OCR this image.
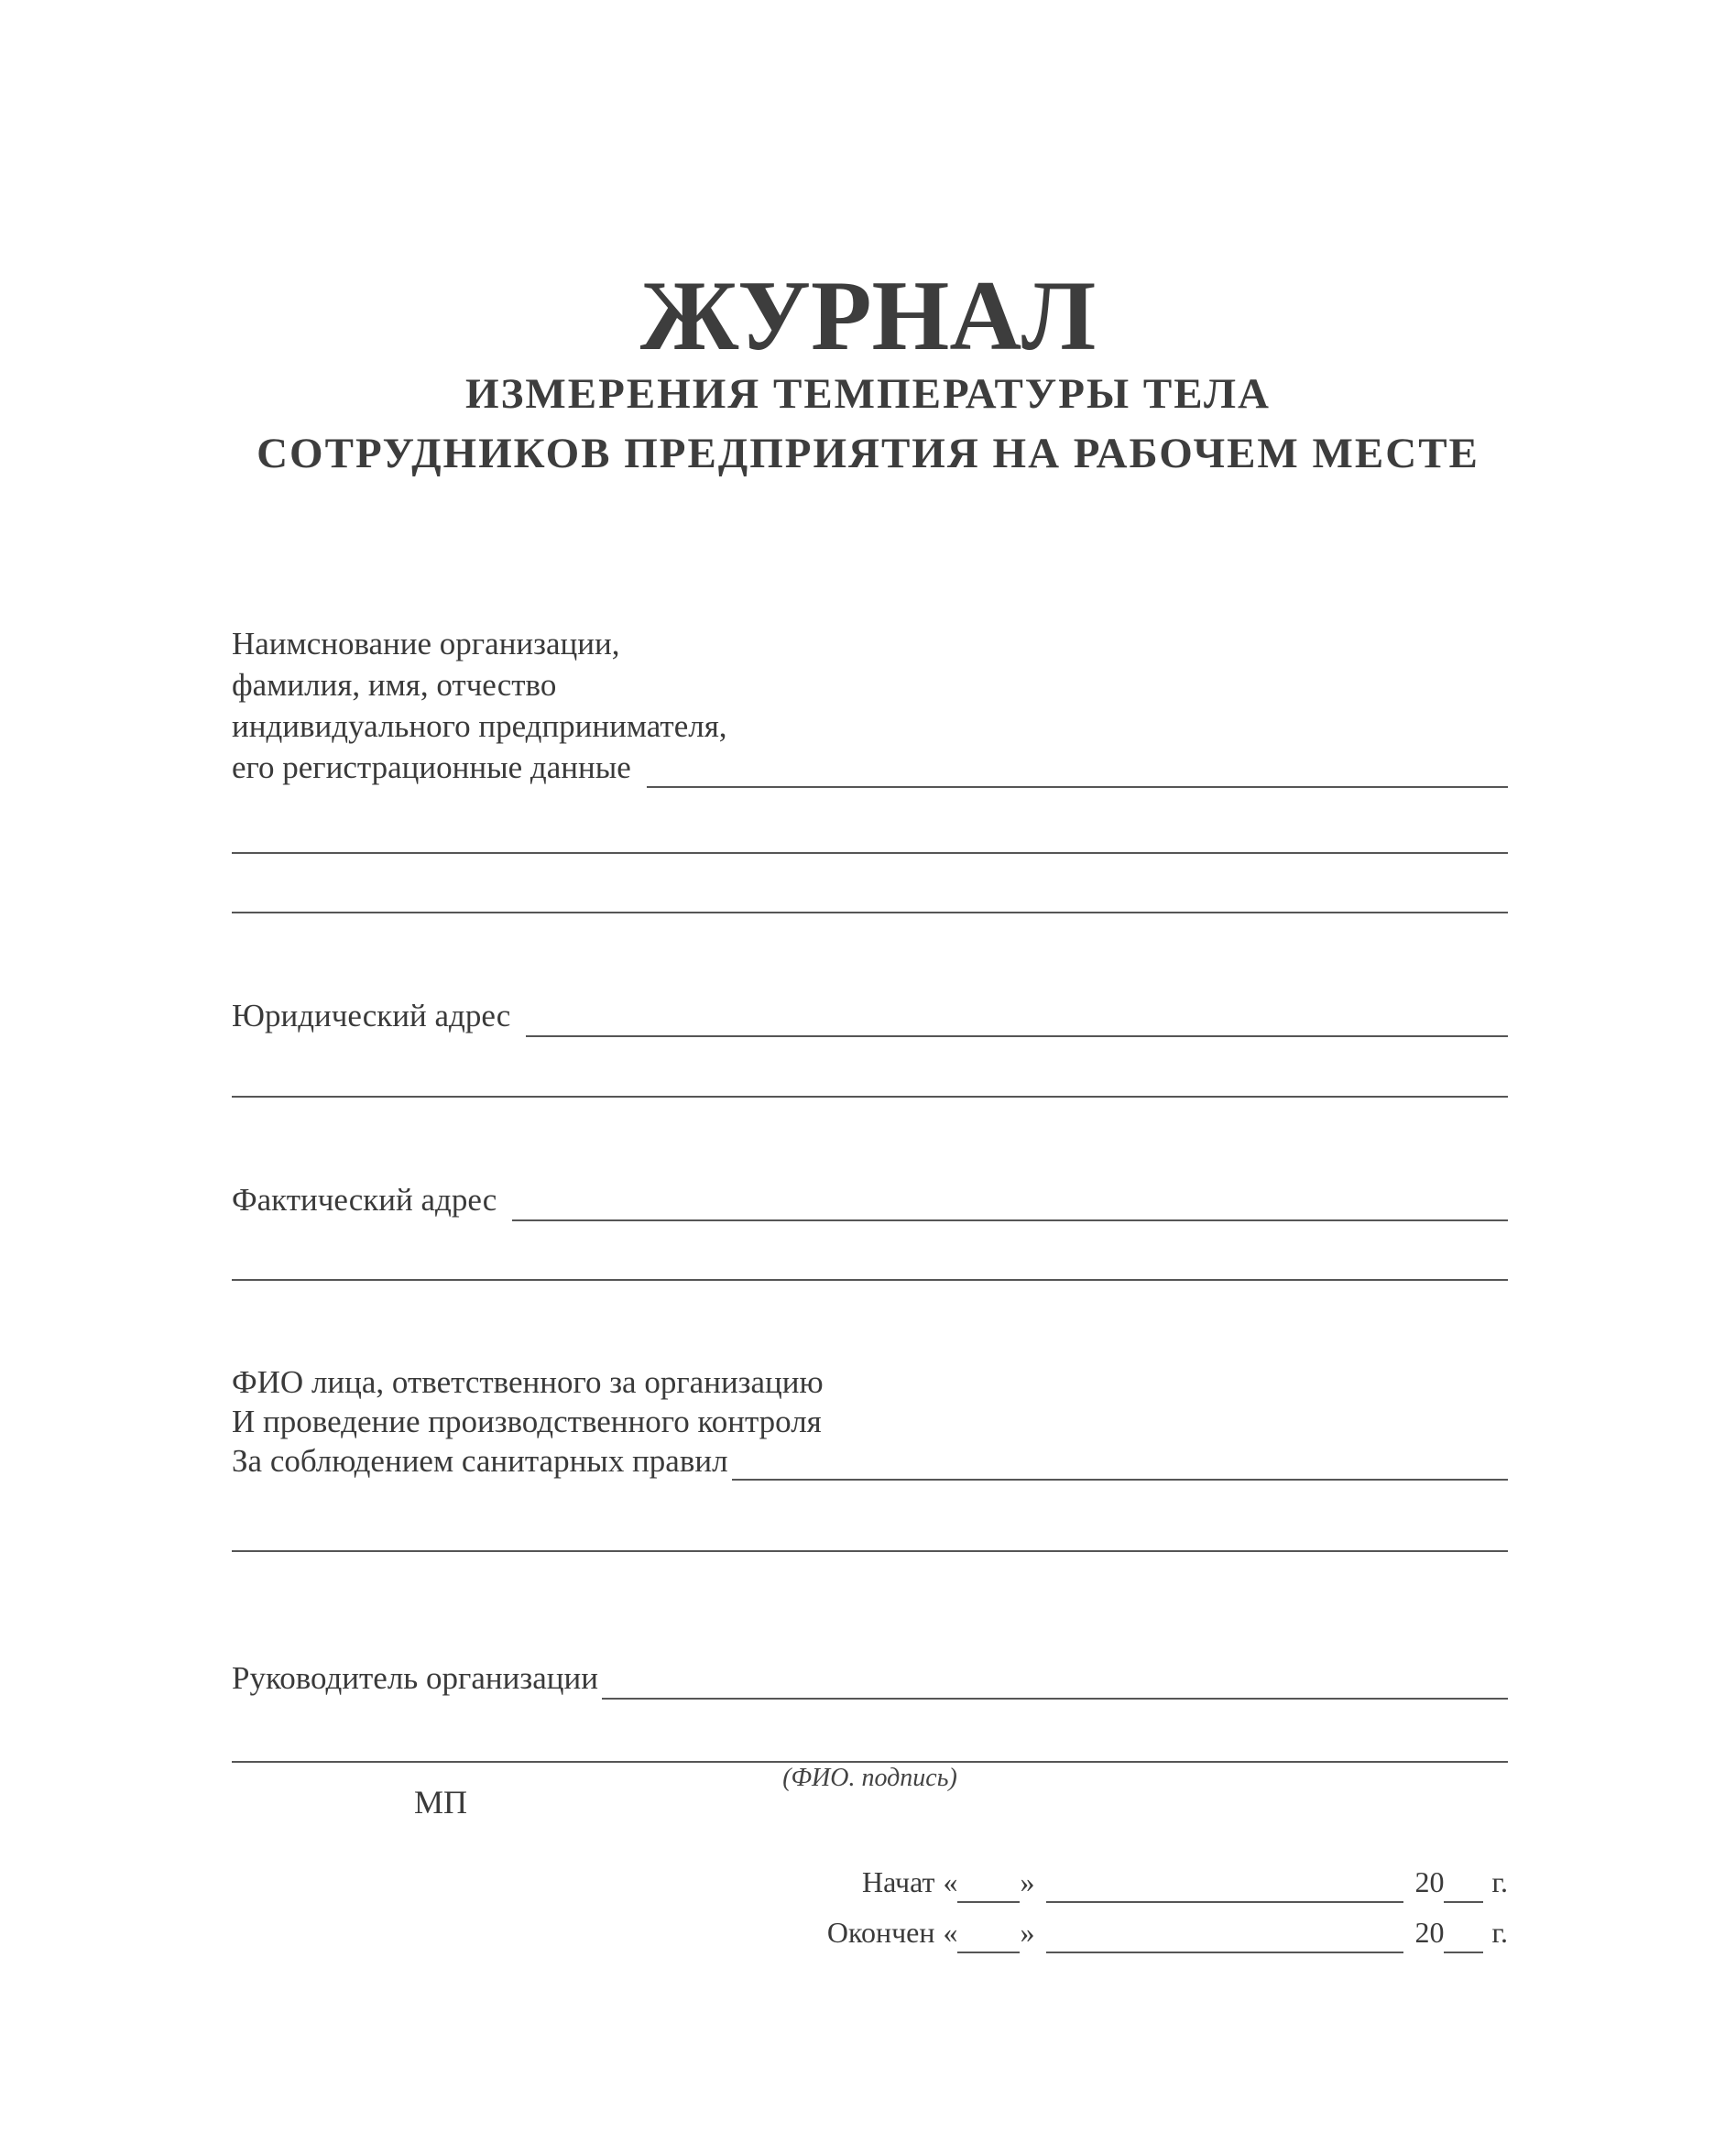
ЖУРНАЛ
ИЗМЕРЕНИЯ ТЕМПЕРАТУРЫ ТЕЛА
СОТРУДНИКОВ ПРЕДПРИЯТИЯ НА РАБОЧЕМ МЕСТЕ
Наимснование организации,
фамилия, имя, отчество
индивидуального предпринимателя,
его регистрационные данные
Юридический адрес
Фактический адрес
ФИО лица, ответственного за организацию
И проведение производственного контроля
За соблюдением санитарных правил
Руководитель организации
(ФИО. подпись)
МП
Начат « »	20 г.
Окончен « »	20 г.
